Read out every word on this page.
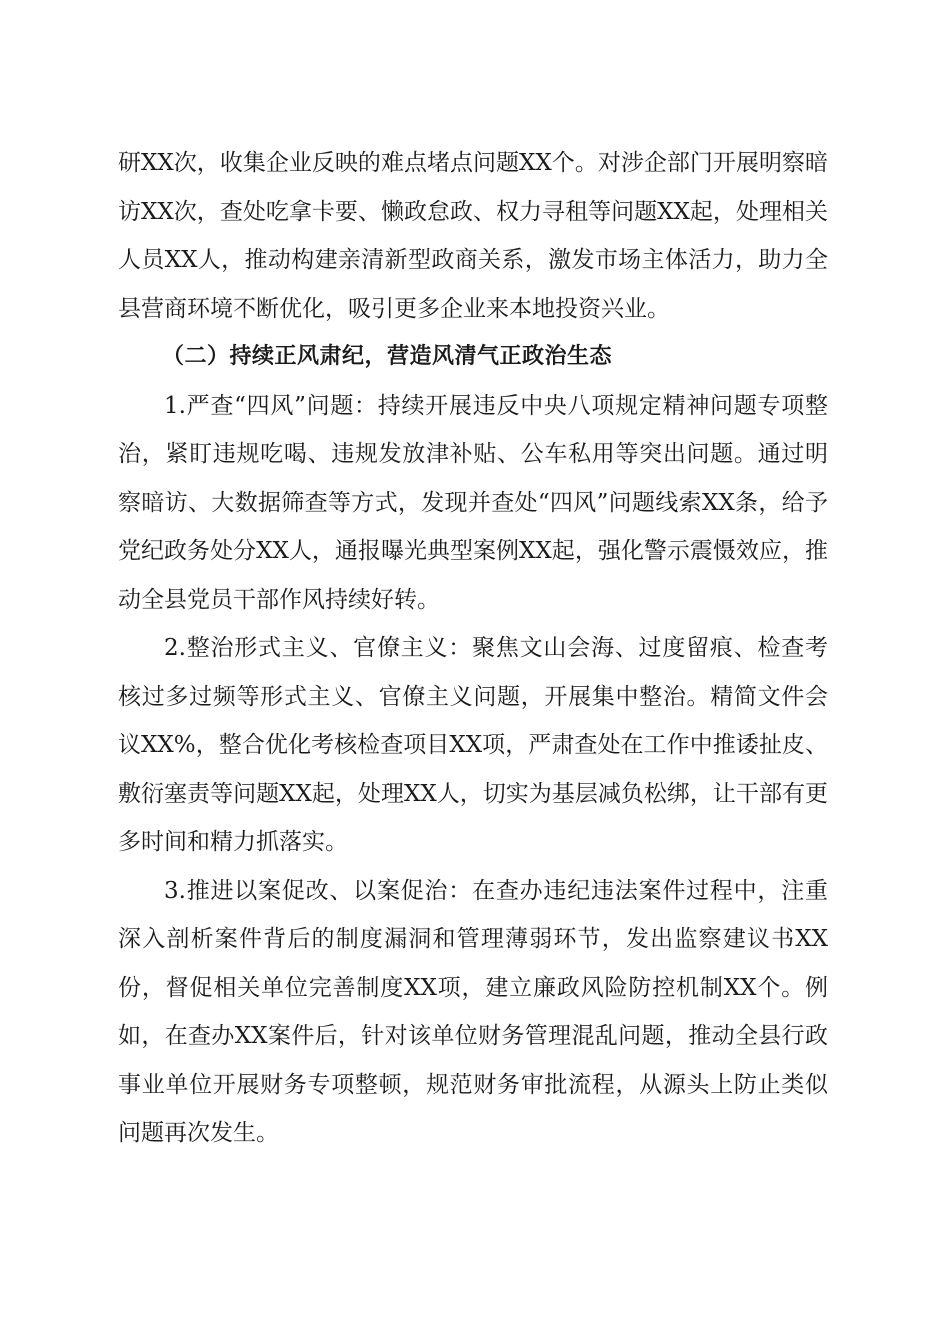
研XX次，收集企业反映的难点堵点问题XX个。对涉企部门开展明察暗访XX次，查处吃拿卡要、懒政怠政、权力寻租等问题XX起，处理相关人员XX人，推动构建亲清新型政商关系，激发市场主体活力，助力全县营商环境不断优化，吸引更多企业来本地投资兴业。

（二）持续正风肃纪，营造风清气正政治生态

1.严查“四风”问题：持续开展违反中央八项规定精神问题专项整治，紧盯违规吃喝、违规发放津补贴、公车私用等突出问题。通过明察暗访、大数据筛查等方式，发现并查处“四风”问题线索XX条，给予党纪政务处分XX人，通报曝光典型案例XX起，强化警示震慑效应，推动全县党员干部作风持续好转。

2.整治形式主义、官僚主义：聚焦文山会海、过度留痕、检查考核过多过频等形式主义、官僚主义问题，开展集中整治。精简文件会议XX%，整合优化考核检查项目XX项，严肃查处在工作中推诿扯皮、敷衍塞责等问题XX起，处理XX人，切实为基层减负松绑，让干部有更多时间和精力抓落实。

3.推进以案促改、以案促治：在查办违纪违法案件过程中，注重深入剖析案件背后的制度漏洞和管理薄弱环节，发出监察建议书XX份，督促相关单位完善制度XX项，建立廉政风险防控机制XX个。例如，在查办XX案件后，针对该单位财务管理混乱问题，推动全县行政事业单位开展财务专项整顿，规范财务审批流程，从源头上防止类似问题再次发生。
